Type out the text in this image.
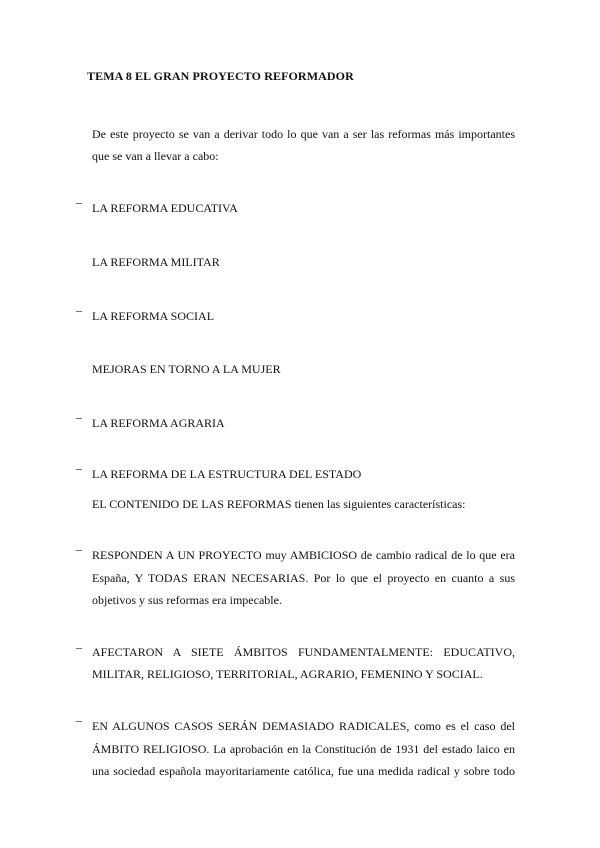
TEMA 8 EL GRAN PROYECTO REFORMADOR
De este proyecto se van a derivar todo lo que van a ser las reformas más importantes
que se van a llevar a cabo:
– LA REFORMA EDUCATIVA
LA REFORMA MILITAR
– LA REFORMA SOCIAL
MEJORAS EN TORNO A LA MUJER
– LA REFORMA AGRARIA
– LA REFORMA DE LA ESTRUCTURA DEL ESTADO
EL CONTENIDO DE LAS REFORMAS tienen las siguientes características:
– RESPONDEN A UN PROYECTO muy AMBICIOSO de cambio radical de lo que era
España, Y TODAS ERAN NECESARIAS. Por lo que el proyecto en cuanto a sus
objetivos y sus reformas era impecable.
– AFECTARON A SIETE ÁMBITOS FUNDAMENTALMENTE: EDUCATIVO,
MILITAR, RELIGIOSO, TERRITORIAL, AGRARIO, FEMENINO Y SOCIAL.
– EN ALGUNOS CASOS SERÁN DEMASIADO RADICALES, como es el caso del
ÁMBITO RELIGIOSO. La aprobación en la Constitución de 1931 del estado laico en
una sociedad española mayoritariamente católica, fue una medida radical y sobre todo
